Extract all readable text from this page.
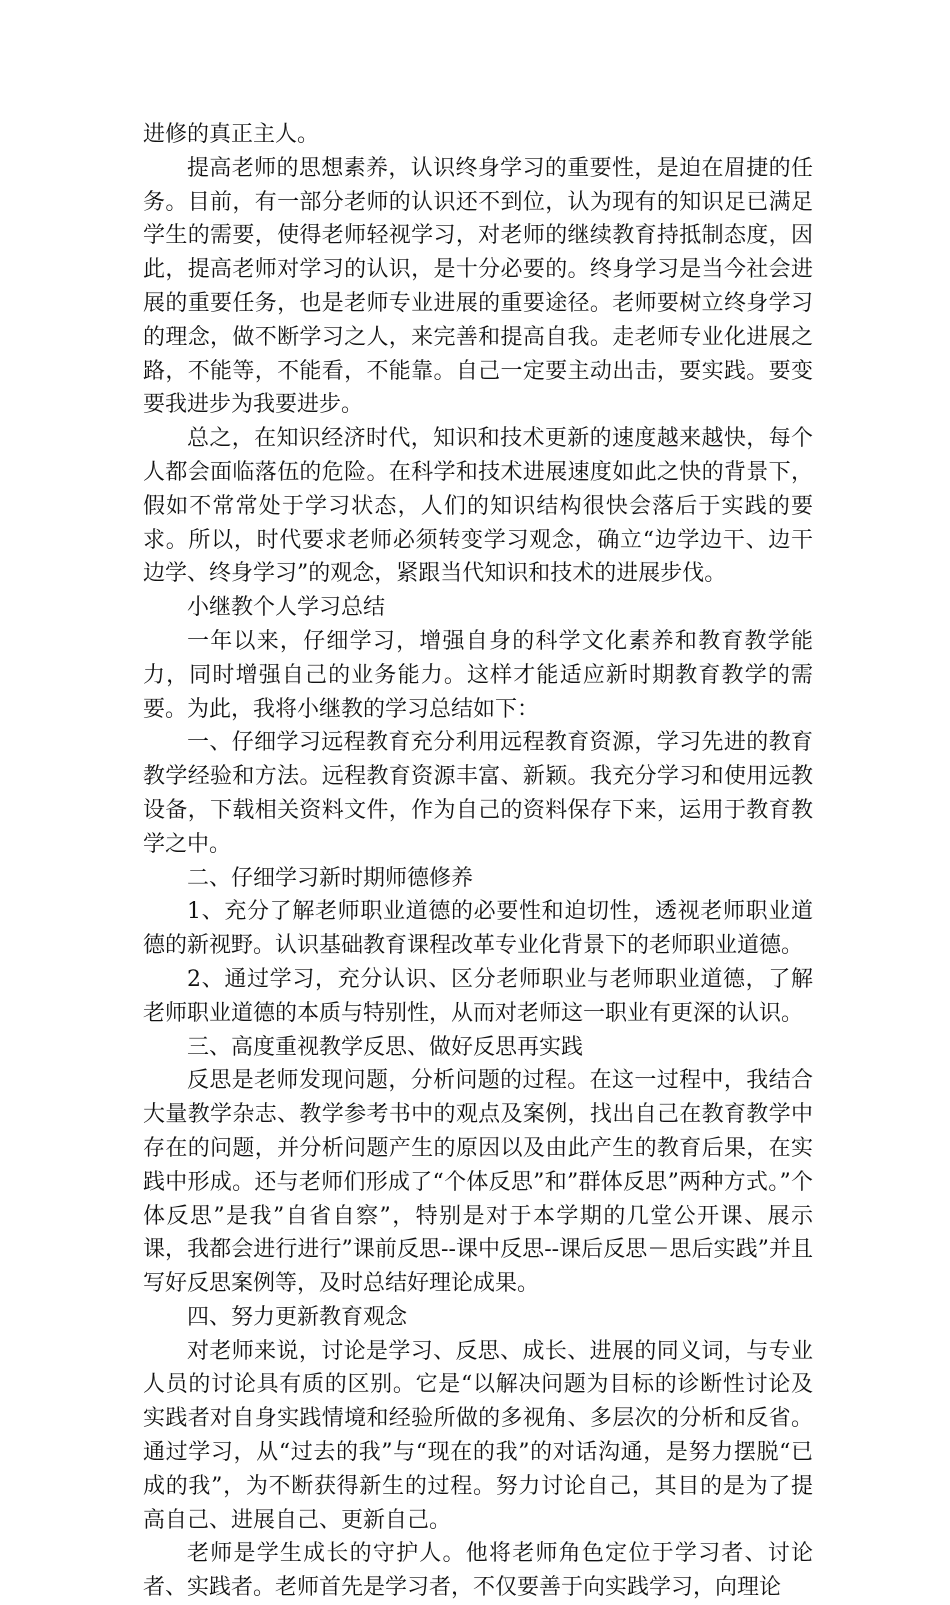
进修的真正主人。

提高老师的思想素养，认识终身学习的重要性，是迫在眉捷的任务。目前，有一部分老师的认识还不到位，认为现有的知识足已满足学生的需要，使得老师轻视学习，对老师的继续教育持抵制态度，因此，提高老师对学习的认识，是十分必要的。终身学习是当今社会进展的重要任务，也是老师专业进展的重要途径。老师要树立终身学习的理念，做不断学习之人，来完善和提高自我。走老师专业化进展之路，不能等，不能看，不能靠。自己一定要主动出击，要实践。要变要我进步为我要进步。

总之，在知识经济时代，知识和技术更新的速度越来越快，每个人都会面临落伍的危险。在科学和技术进展速度如此之快的背景下，假如不常常处于学习状态，人们的知识结构很快会落后于实践的要求。所以，时代要求老师必须转变学习观念，确立“边学边干、边干边学、终身学习”的观念，紧跟当代知识和技术的进展步伐。

小继教个人学习总结

一年以来，仔细学习，增强自身的科学文化素养和教育教学能力，同时增强自己的业务能力。这样才能适应新时期教育教学的需要。为此，我将小继教的学习总结如下：

一、仔细学习远程教育充分利用远程教育资源，学习先进的教育教学经验和方法。远程教育资源丰富、新颖。我充分学习和使用远教设备，下载相关资料文件，作为自己的资料保存下来，运用于教育教学之中。

二、仔细学习新时期师德修养

1、充分了解老师职业道德的必要性和迫切性，透视老师职业道德的新视野。认识基础教育课程改革专业化背景下的老师职业道德。

2、通过学习，充分认识、区分老师职业与老师职业道德，了解老师职业道德的本质与特别性，从而对老师这一职业有更深的认识。

三、高度重视教学反思、做好反思再实践

反思是老师发现问题，分析问题的过程。在这一过程中，我结合大量教学杂志、教学参考书中的观点及案例，找出自己在教育教学中存在的问题，并分析问题产生的原因以及由此产生的教育后果，在实践中形成。还与老师们形成了“个体反思”和”群体反思”两种方式。”个体反思”是我”自省自察”，特别是对于本学期的几堂公开课、展示课，我都会进行进行”课前反思--课中反思--课后反思－思后实践”并且写好反思案例等，及时总结好理论成果。

四、努力更新教育观念

对老师来说，讨论是学习、反思、成长、进展的同义词，与专业人员的讨论具有质的区别。它是“以解决问题为目标的诊断性讨论及实践者对自身实践情境和经验所做的多视角、多层次的分析和反省。通过学习，从“过去的我”与“现在的我”的对话沟通，是努力摆脱“已成的我”，为不断获得新生的过程。努力讨论自己，其目的是为了提高自己、进展自己、更新自己。

老师是学生成长的守护人。他将老师角色定位于学习者、讨论者、实践者。老师首先是学习者，不仅要善于向实践学习，向理论
